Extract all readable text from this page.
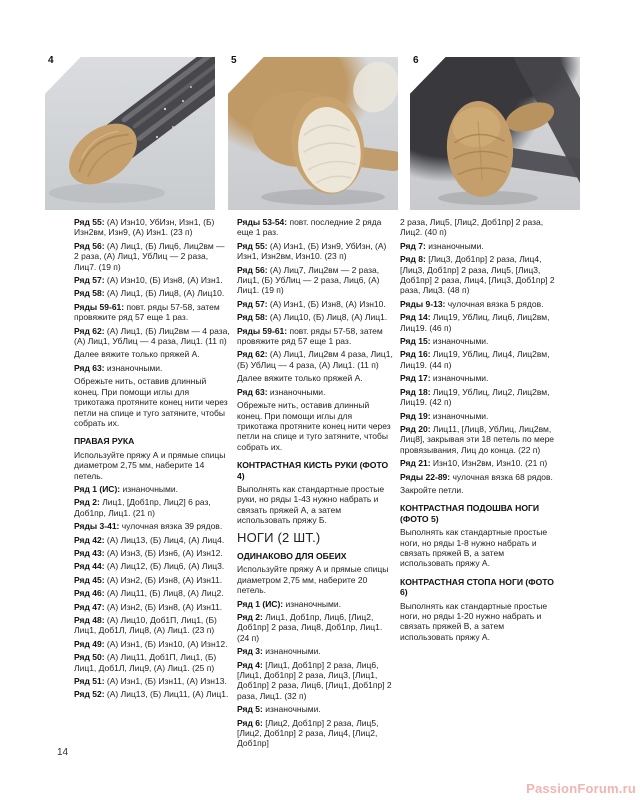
4	5	6

Ряд 55: (А) Изн10, УбИзн, Изн1, (Б) Изн2вм, Изн9, (А) Изн1. (23 п)

Ряд 56: (А) Лиц1, (Б) Лиц6, Лиц2вм — 2 раза, (А) Лиц1, УбЛиц — 2 раза, Лиц7. (19 п)

Ряд 57: (А) Изн10, (Б) Изн8, (А) Изн1.

Ряд 58: (А) Лиц1, (Б) Лиц8, (А) Лиц10.

Ряды 59-61: повт. ряды 57-58, затем провяжите ряд 57 еще 1 раз.

Ряд 62: (А) Лиц1, (Б) Лиц2вм — 4 раза, (А) Лиц1, УбЛиц — 4 раза, Лиц1. (11 п)

Далее вяжите только пряжей А.

Ряд 63: изнаночными.

Обрежьте нить, оставив длинный конец. При помощи иглы для трикотажа протяните конец нити через петли на спице и туго затяните, чтобы собрать их.

ПРАВАЯ РУКА

Используйте пряжу А и прямые спицы диаметром 2,75 мм, наберите 14 петель.

Ряд 1 (ИС): изнаночными.

Ряд 2: Лиц1, [Доб1пр, Лиц2] 6 раз, Доб1пр, Лиц1. (21 п)

Ряды 3-41: чулочная вязка 39 рядов.

Ряд 42: (А) Лиц13, (Б) Лиц4, (А) Лиц4.

Ряд 43: (А) Изн3, (Б) Изн6, (А) Изн12.

Ряд 44: (А) Лиц12, (Б) Лиц6, (А) Лиц3.

Ряд 45: (А) Изн2, (Б) Изн8, (А) Изн11.

Ряд 46: (А) Лиц11, (Б) Лиц8, (А) Лиц2.

Ряд 47: (А) Изн2, (Б) Изн8, (А) Изн11.

Ряд 48: (А) Лиц10, Доб1П, Лиц1, (Б) Лиц1, Доб1Л, Лиц8, (А) Лиц1. (23 п)

Ряд 49: (А) Изн1, (Б) Изн10, (А) Изн12.

Ряд 50: (А) Лиц11, Доб1П, Лиц1, (Б) Лиц1, Доб1Л, Лиц9, (А) Лиц1. (25 п)

Ряд 51: (А) Изн1, (Б) Изн11, (А) Изн13.

Ряд 52: (А) Лиц13, (Б) Лиц11, (А) Лиц1.

Ряды 53-54: повт. последние 2 ряда еще 1 раз.

Ряд 55: (А) Изн1, (Б) Изн9, УбИзн, (А) Изн1, Изн2вм, Изн10. (23 п)

Ряд 56: (А) Лиц7, Лиц2вм — 2 раза, Лиц1, (Б) УбЛиц — 2 раза, Лиц6, (А) Лиц1. (19 п)

Ряд 57: (А) Изн1, (Б) Изн8, (А) Изн10.

Ряд 58: (А) Лиц10, (Б) Лиц8, (А) Лиц1.

Ряды 59-61: повт. ряды 57-58, затем провяжите ряд 57 еще 1 раз.

Ряд 62: (А) Лиц1, Лиц2вм 4 раза, Лиц1, (Б) УбЛиц — 4 раза, (А) Лиц1. (11 п)

Далее вяжите только пряжей А.

Ряд 63: изнаночными.

Обрежьте нить, оставив длинный конец. При помощи иглы для трикотажа протяните конец нити через петли на спице и туго затяните, чтобы собрать их.

КОНТРАСТНАЯ КИСТЬ РУКИ (ФОТО 4)

Выполнять как стандартные простые руки, но ряды 1-43 нужно набрать и связать пряжей А, а затем использовать пряжу Б.

НОГИ (2 ШТ.)

ОДИНАКОВО ДЛЯ ОБЕИХ

Используйте пряжу А и прямые спицы диаметром 2,75 мм, наберите 20 петель.

Ряд 1 (ИС): изнаночными.

Ряд 2: Лиц1, Доб1пр, Лиц6, [Лиц2, Доб1пр] 2 раза, Лиц8, Доб1пр, Лиц1. (24 п)

Ряд 3: изнаночными.

Ряд 4: [Лиц1, Доб1пр] 2 раза, Лиц6, [Лиц1, Доб1пр] 2 раза, Лиц3, [Лиц1, Доб1пр] 2 раза, Лиц6, [Лиц1, Доб1пр] 2 раза, Лиц1. (32 п)

Ряд 5: изнаночными.

Ряд 6: [Лиц2, Доб1пр] 2 раза, Лиц5, [Лиц2, Доб1пр] 2 раза, Лиц4, [Лиц2, Доб1пр]

2 раза, Лиц5, [Лиц2, Доб1пр] 2 раза, Лиц2. (40 п)

Ряд 7: изнаночными.

Ряд 8: [Лиц3, Доб1пр] 2 раза, Лиц4, [Лиц3, Доб1пр] 2 раза, Лиц5, [Лиц3, Доб1пр] 2 раза, Лиц4, [Лиц3, Доб1пр] 2 раза, Лиц3. (48 п)

Ряды 9-13: чулочная вязка 5 рядов.

Ряд 14: Лиц19, УбЛиц, Лиц6, Лиц2вм, Лиц19. (46 п)

Ряд 15: изнаночными.

Ряд 16: Лиц19, УбЛиц, Лиц4, Лиц2вм, Лиц19. (44 п)

Ряд 17: изнаночными.

Ряд 18: Лиц19, УбЛиц, Лиц2, Лиц2вм, Лиц19. (42 п)

Ряд 19: изнаночными.

Ряд 20: Лиц11, [Лиц8, УбЛиц, Лиц2вм, Лиц8], закрывая эти 18 петель по мере провязывания, Лиц до конца. (22 п)

Ряд 21: Изн10, Изн2вм, Изн10. (21 п)

Ряды 22-89: чулочная вязка 68 рядов.

Закройте петли.

КОНТРАСТНАЯ ПОДОШВА НОГИ (ФОТО 5)

Выполнять как стандартные простые ноги, но ряды 1-8 нужно набрать и связать пряжей В, а затем использовать пряжу А.

КОНТРАСТНАЯ СТОПА НОГИ (ФОТО 6)

Выполнять как стандартные простые ноги, но ряды 1-20 нужно набрать и связать пряжей В, а затем использовать пряжу А.

14
PassionForum.ru
